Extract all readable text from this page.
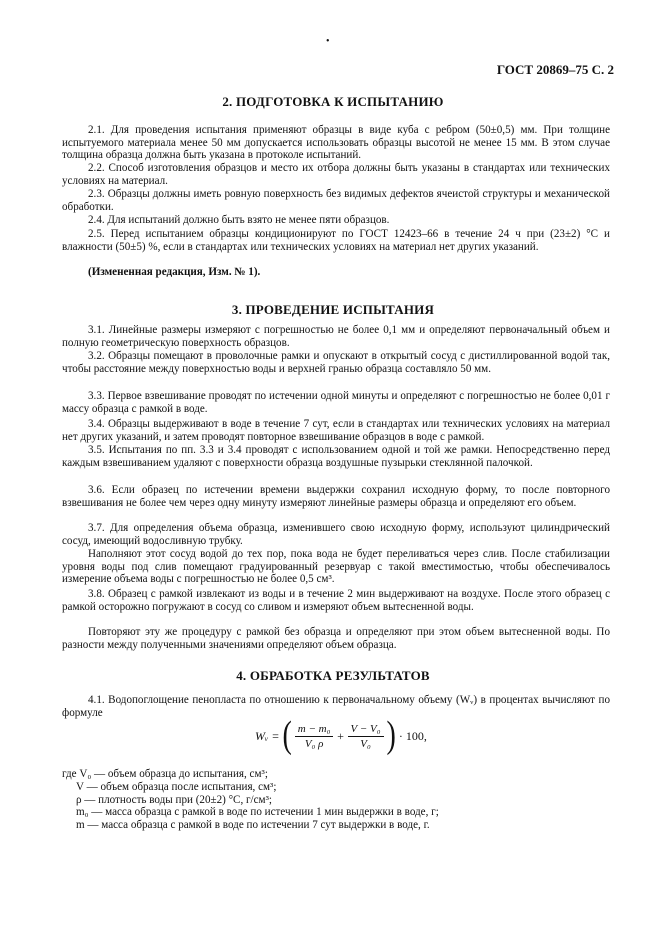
•
ГОСТ 20869–75 С. 2
2. ПОДГОТОВКА К ИСПЫТАНИЮ
2.1. Для проведения испытания применяют образцы в виде куба с ребром (50±0,5) мм. При толщине испытуемого материала менее 50 мм допускается использовать образцы высотой не менее 15 мм. В этом случае толщина образца должна быть указана в протоколе испытаний.
2.2. Способ изготовления образцов и место их отбора должны быть указаны в стандартах или технических условиях на материал.
2.3. Образцы должны иметь ровную поверхность без видимых дефектов ячеистой структуры и механической обработки.
2.4. Для испытаний должно быть взято не менее пяти образцов.
2.5. Перед испытанием образцы кондиционируют по ГОСТ 12423–66 в течение 24 ч при (23±2) °С и влажности (50±5) %, если в стандартах или технических условиях на материал нет других указаний.
(Измененная редакция, Изм. № 1).
3. ПРОВЕДЕНИЕ ИСПЫТАНИЯ
3.1. Линейные размеры измеряют с погрешностью не более 0,1 мм и определяют первоначальный объем и полную геометрическую поверхность образцов.
3.2. Образцы помещают в проволочные рамки и опускают в открытый сосуд с дистиллированной водой так, чтобы расстояние между поверхностью воды и верхней гранью образца составляло 50 мм.
3.3. Первое взвешивание проводят по истечении одной минуты и определяют с погрешностью не более 0,01 г массу образца с рамкой в воде.
3.4. Образцы выдерживают в воде в течение 7 сут, если в стандартах или технических условиях на материал нет других указаний, и затем проводят повторное взвешивание образцов в воде с рамкой.
3.5. Испытания по пп. 3.3 и 3.4 проводят с использованием одной и той же рамки. Непосредственно перед каждым взвешиванием удаляют с поверхности образца воздушные пузырьки стеклянной палочкой.
3.6. Если образец по истечении времени выдержки сохранил исходную форму, то после повторного взвешивания не более чем через одну минуту измеряют линейные размеры образца и определяют его объем.
3.7. Для определения объема образца, изменившего свою исходную форму, используют цилиндрический сосуд, имеющий водосливную трубку.
Наполняют этот сосуд водой до тех пор, пока вода не будет переливаться через слив. После стабилизации уровня воды под слив помещают градуированный резервуар с такой вместимостью, чтобы обеспечивалось измерение объема воды с погрешностью не более 0,5 см³.
3.8. Образец с рамкой извлекают из воды и в течение 2 мин выдерживают на воздухе. После этого образец с рамкой осторожно погружают в сосуд со сливом и измеряют объем вытесненной воды.
Повторяют эту же процедуру с рамкой без образца и определяют при этом объем вытесненной воды. По разности между полученными значениями определяют объем образца.
4. ОБРАБОТКА РЕЗУЛЬТАТОВ
4.1. Водопоглощение пенопласта по отношению к первоначальному объему (Wᵥ) в процентах вычисляют по формуле
Wᵥ = ( $\frac{\text{m − m₀}}{\text{V₀ ρ}} + \frac{\text{V − V₀}}{\text{V₀}}$ ) · 100,
где V₀ — объем образца до испытания, см³;
V — объем образца после испытания, см³;
ρ — плотность воды при (20±2) °С, г/см³;
m₀ — масса образца с рамкой в воде по истечении 1 мин выдержки в воде, г;
m — масса образца с рамкой в воде по истечении 7 сут выдержки в воде, г.
